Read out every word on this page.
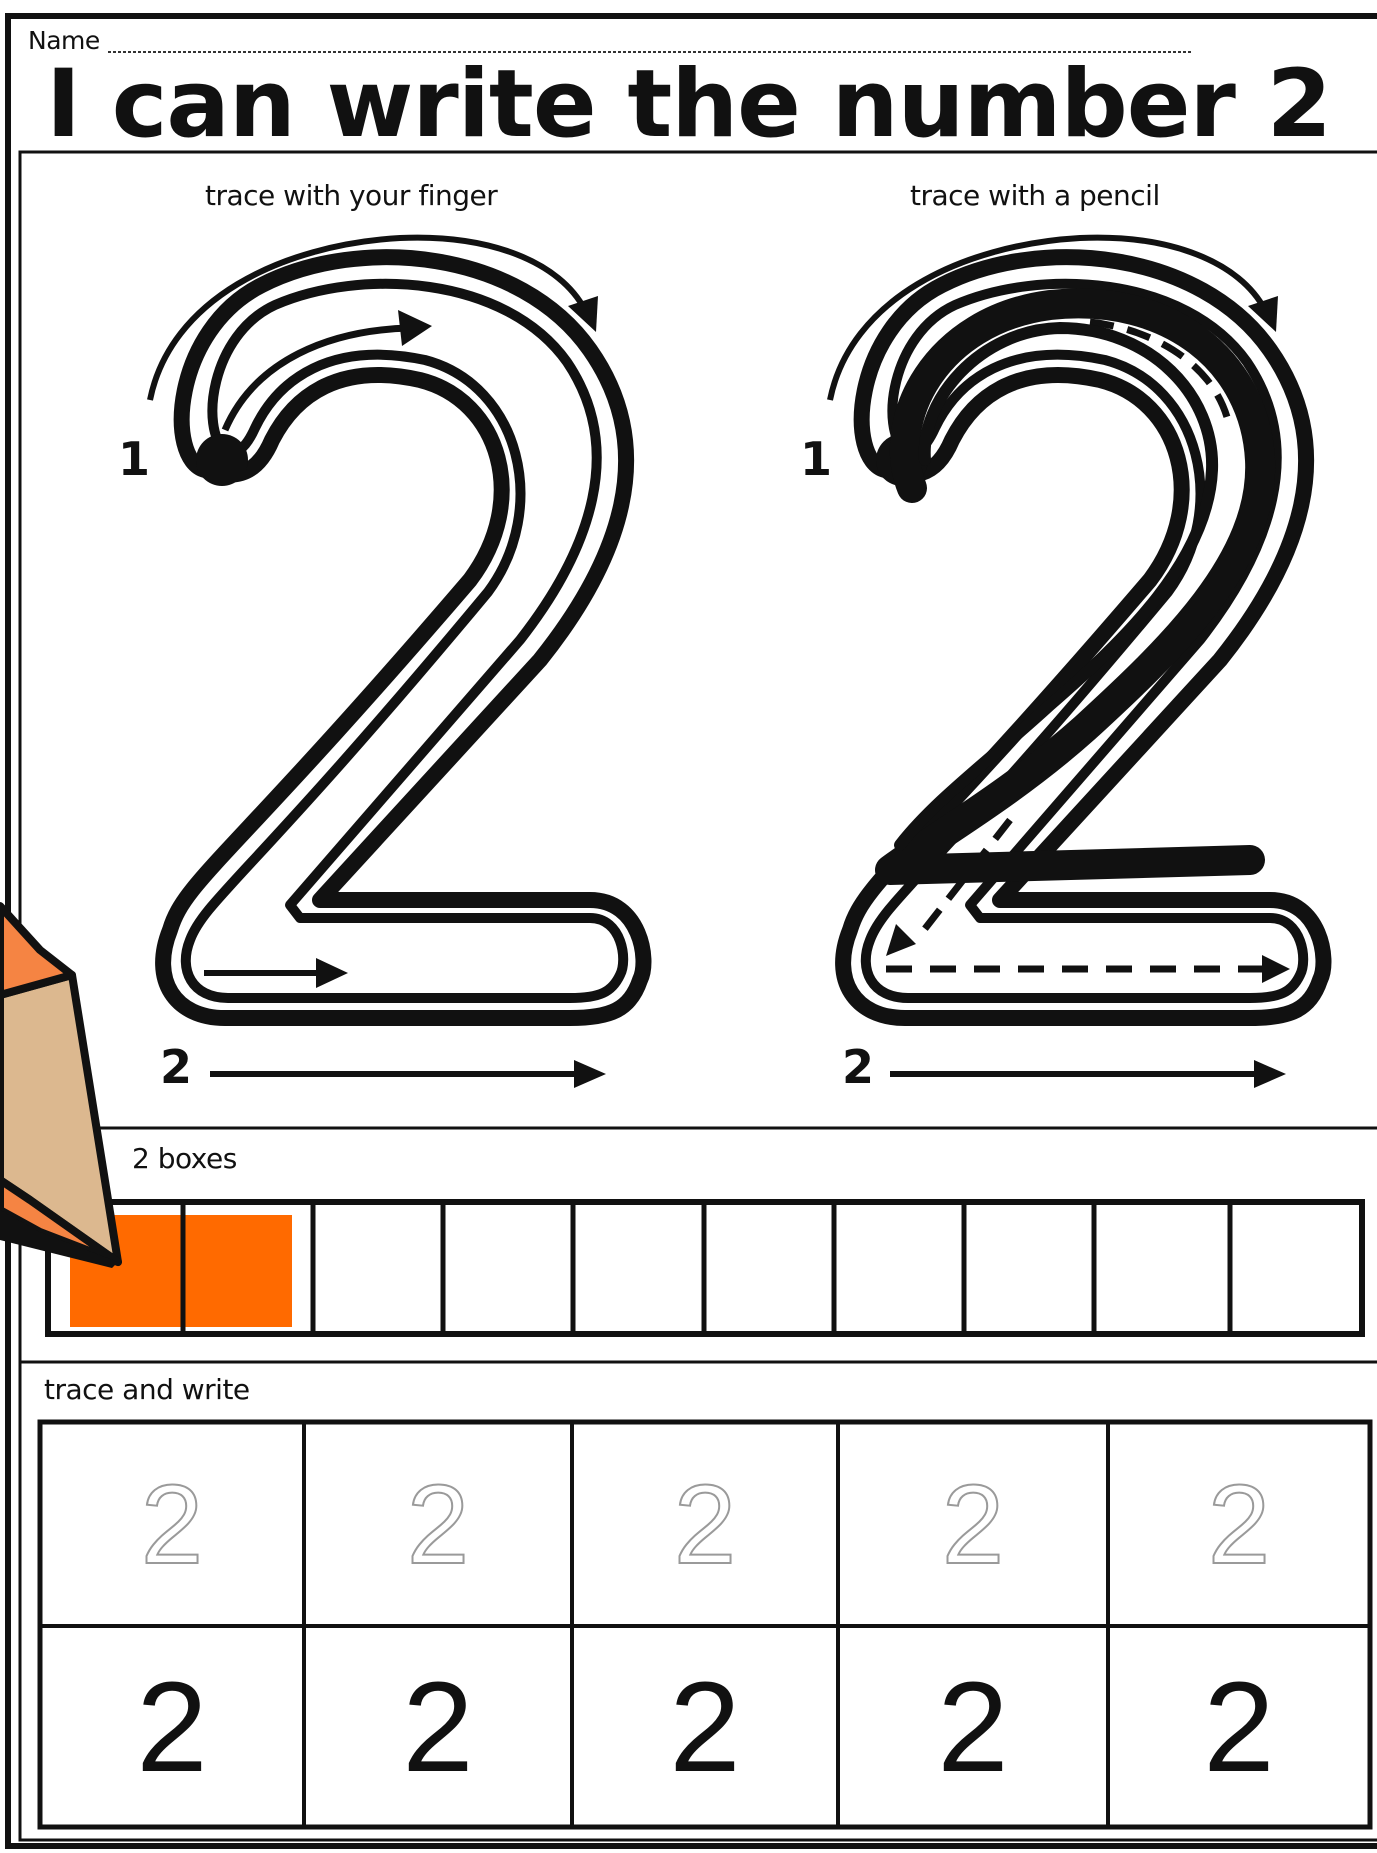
Name
I can write the number 2
trace with your finger	trace with a pencil
1
2
1
2
2 boxes
trace and write
2	2	2	2	2
2	2	2	2	2
